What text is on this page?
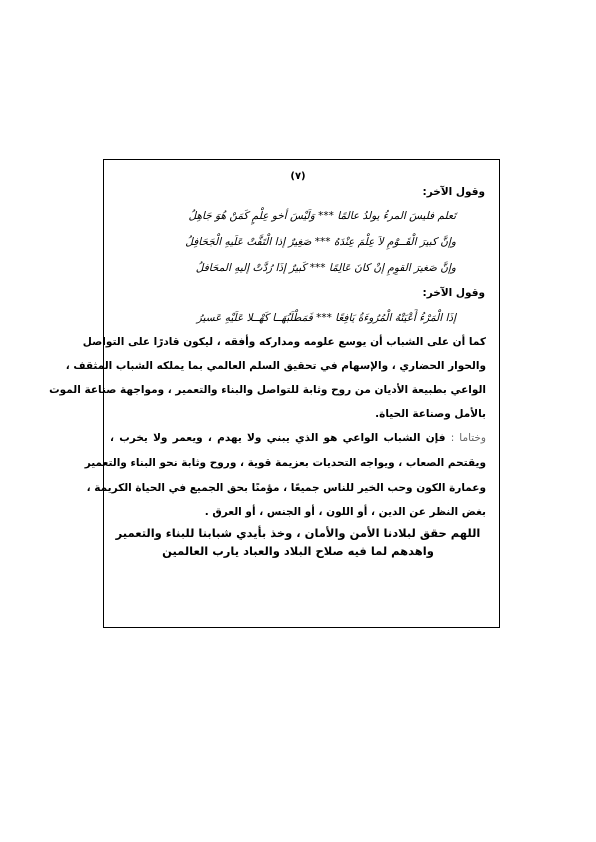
(٧)
وقول الآخر:
تَعلم فليسَ المرءُ يولدُ عالمًا *** وَلَيْسَ أخو عِلْمٍ كَمَنْ هُوَ جَاهِلُ
وإنَّ كبيرَ الْقَــوْمِ لاَ عِلْمَ عِنْدَهُ *** صَغِيرٌ إذا الْتَفَّتْ عَلَيهِ الْجَحَافِلُ
وإنَّ صَغيرَ القوِمِ إنْ كانَ عَالِمًا *** كَبيرٌ إذَا رُدَّتْ إليهِ المحَافلُ
وقول الآخر:
إذَا الْمَرْءُ أَعْيَتْهُ الْمُرُوءَةُ يَافِعًا *** فَمَطْلَبُهَــا كَهْــلا عَلَيْهِ عَسيرُ
كما أن على الشباب أن يوسع علومه ومداركه وأفقه ، ليكون قادرًا على التواصل
والحوار الحضاري ، والإسهام في تحقيق السلم العالمي بما يملكه الشباب المثقف ،
الواعي بطبيعة الأديان من روح وثابة للتواصل والبناء والتعمير ، ومواجهة صناعة الموت
بالأمل وصناعة الحياة.
وختاما : فإن الشباب الواعي هو الذي يبني ولا يهدم ، ويعمر ولا يخرب ،
ويقتحم الصعاب ، ويواجه التحديات بعزيمة قوية ، وروح وثابة نحو البناء والتعمير
وعمارة الكون وحب الخير للناس جميعًا ، مؤمنًا بحق الجميع في الحياة الكريمة ،
بغض النظر عن الدين ، أو اللون ، أو الجنس ، أو العرق .
اللهم حقق لبلادنا الأمن والأمان ، وخذ بأيدي شبابنا للبناء والتعمير
واهدهم لما فيه صلاح البلاد والعباد يارب العالمين
